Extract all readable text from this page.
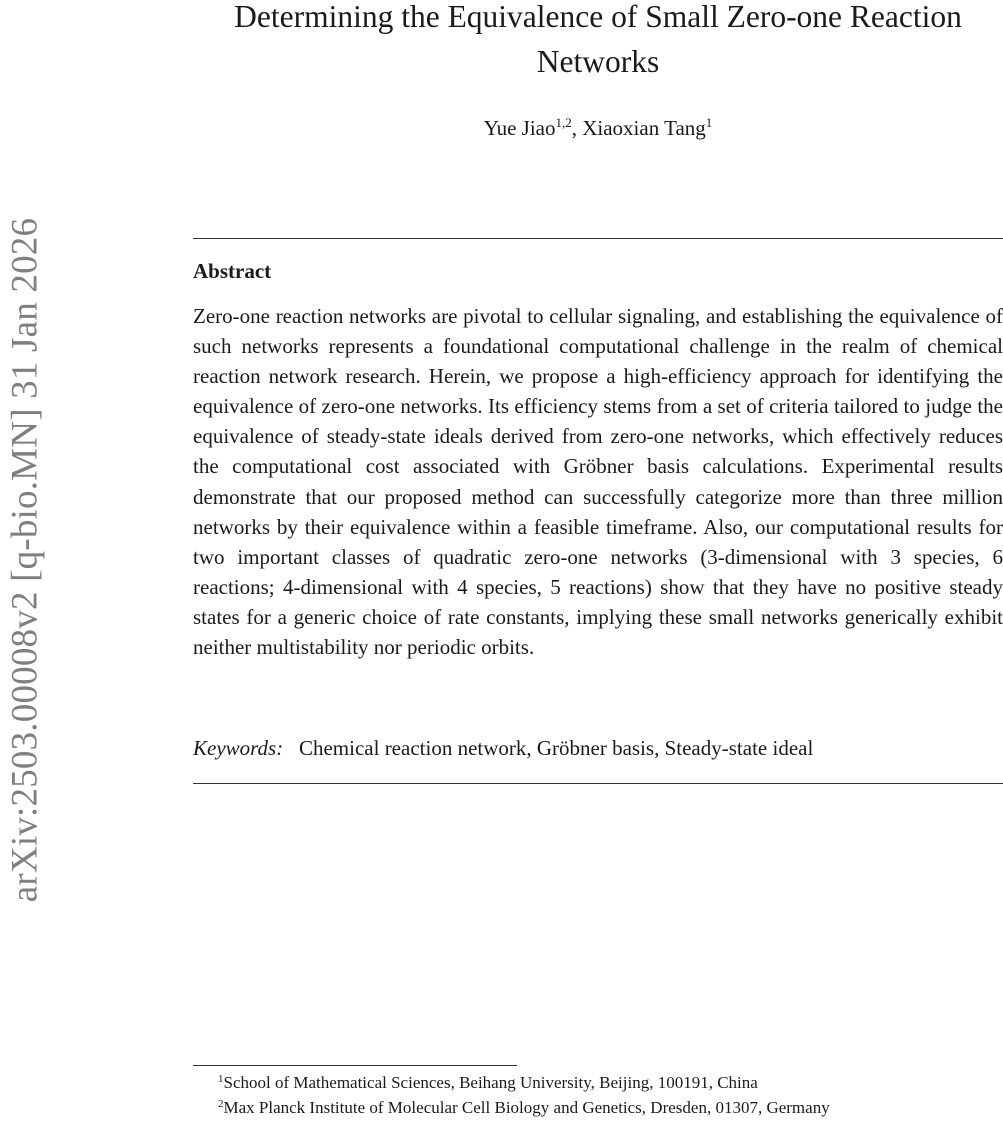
arXiv:2503.00008v2 [q-bio.MN] 31 Jan 2026
Determining the Equivalence of Small Zero-one Reaction Networks
Yue Jiao$^{1,2}$, Xiaoxian Tang$^1$
Abstract

Zero-one reaction networks are pivotal to cellular signaling, and establishing the equivalence of such networks represents a foundational computational challenge in the realm of chemical reaction network research. Herein, we propose a high-efficiency approach for identifying the equivalence of zero-one networks. Its efficiency stems from a set of criteria tailored to judge the equivalence of steady-state ideals derived from zero-one networks, which effectively reduces the computational cost associated with Gröbner basis calculations. Experimental results demonstrate that our proposed method can successfully categorize more than three million networks by their equivalence within a feasible timeframe. Also, our computational results for two important classes of quadratic zero-one networks (3-dimensional with 3 species, 6 reactions; 4-dimensional with 4 species, 5 reactions) show that they have no positive steady states for a generic choice of rate constants, implying these small networks generically exhibit neither multistability nor periodic orbits.

Keywords: Chemical reaction network, Gröbner basis, Steady-state ideal

$^1$School of Mathematical Sciences, Beihang University, Beijing, 100191, China

$^2$Max Planck Institute of Molecular Cell Biology and Genetics, Dresden, 01307, Germany
